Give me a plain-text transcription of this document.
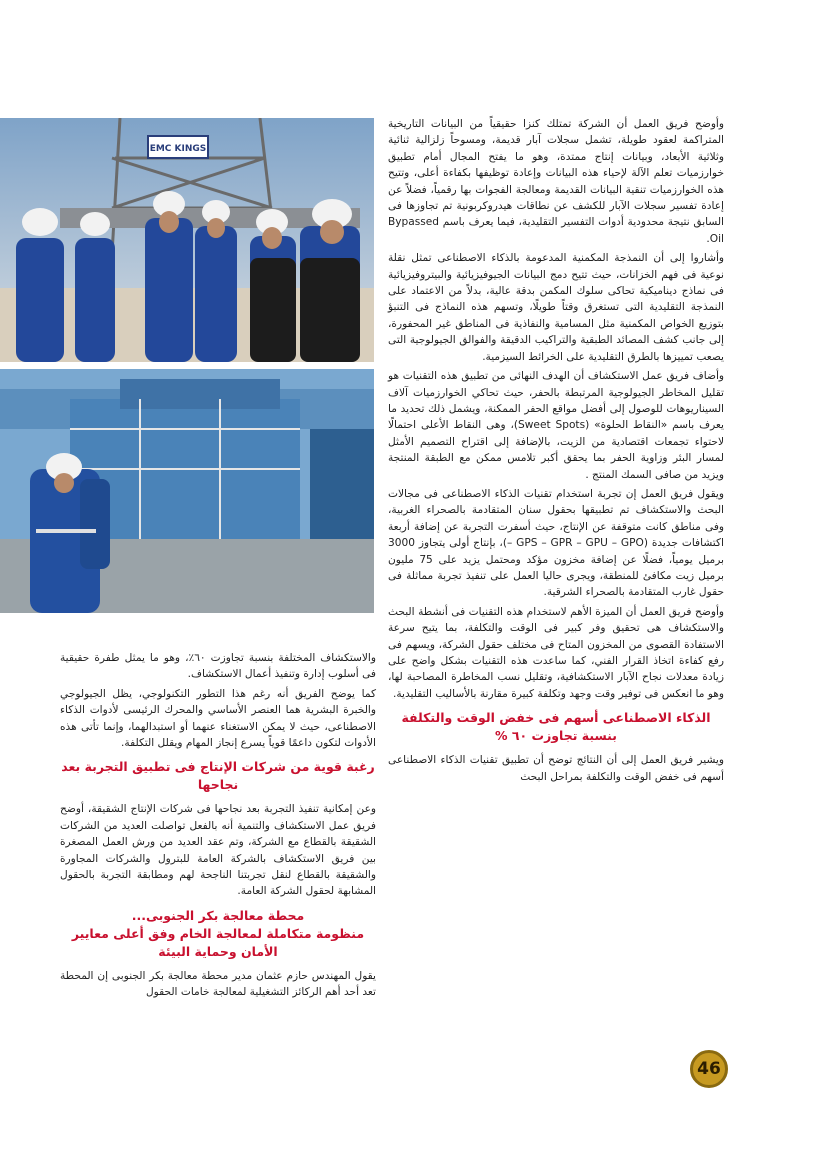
EMC KINGS

وأوضح فريق العمل أن الشركة تمتلك كنزا حقيقياً من البيانات التاريخية المتراكمة لعقود طويلة، تشمل سجلات آبار قديمة، ومسوحاً زلزالية ثنائية وثلاثية الأبعاد، وبيانات إنتاج ممتدة، وهو ما يفتح المجال أمام تطبيق خوارزميات تعلم الآلة لإحياء هذه البيانات وإعادة توظيفها بكفاءة أعلى، وتتيح هذه الخوارزميات تنقية البيانات القديمة ومعالجة الفجوات بها رقمياً، فضلاً عن إعادة تفسير سجلات الآبار للكشف عن نطاقات هيدروكربونية تم تجاوزها فى السابق نتيجة محدودية أدوات التفسير التقليدية، فيما يعرف باسم Bypassed Oil.

وأشاروا إلى أن النمذجة المكمنية المدعومة بالذكاء الاصطناعى تمثل نقلة نوعية فى فهم الخزانات، حيث تتيح دمج البيانات الجيوفيزيائية والبيتروفيزيائية فى نماذج ديناميكية تحاكى سلوك المكمن بدقة عالية، بدلاً من الاعتماد على النمذجة التقليدية التى تستغرق وقتاً طويلًا، وتسهم هذه النماذج فى التنبؤ بتوزيع الخواص المكمنية مثل المسامية والنفاذية فى المناطق غير المحفورة، إلى جانب كشف المصائد الطبقية والتراكيب الدقيقة والفوالق الجيولوجية التى يصعب تمييزها بالطرق التقليدية على الخرائط السيزمية.

وأضاف فريق عمل الاستكشاف أن الهدف النهائى من تطبيق هذه التقنيات هو تقليل المخاطر الجيولوجية المرتبطة بالحفر، حيث تحاكي الخوارزميات آلاف السيناريوهات للوصول إلى أفضل مواقع الحفر الممكنة، ويشمل ذلك تحديد ما يعرف باسم «النقاط الحلوة» (Sweet Spots)، وهى النقاط الأعلى احتمالًا لاحتواء تجمعات اقتصادية من الزيت، بالإضافة إلى اقتراح التصميم الأمثل لمسار البئر وزاوية الحفر بما يحقق أكبر تلامس ممكن مع الطبقة المنتجة ويزيد من صافى السمك المنتج .

ويقول فريق العمل إن تجربة استخدام تقنيات الذكاء الاصطناعى فى مجالات البحث والاستكشاف تم تطبيقها بحقول سنان المتقادمة بالصحراء الغربية، وفى مناطق كانت متوقفة عن الإنتاج، حيث أسفرت التجربة عن إضافة أربعة اكتشافات جديدة (GPS – GPR – GPU – GPO –)، بإنتاج أولى يتجاوز 3000 برميل يومياً، فضلًا عن إضافة مخزون مؤكد ومحتمل يزيد على 75 مليون برميل زيت مكافئ للمنطقة، ويجرى حاليا العمل على تنفيذ تجربة مماثلة فى حقول غارب المتقادمة بالصحراء الشرقية.

وأوضح فريق العمل أن الميزة الأهم لاستخدام هذه التقنيات فى أنشطة البحث والاستكشاف هى تحقيق وفر كبير فى الوقت والتكلفة، بما يتيح سرعة الاستفادة القصوى من المخزون المتاح فى مختلف حقول الشركة، ويسهم فى رفع كفاءة اتخاذ القرار الفني، كما ساعدت هذه التقنيات بشكل واضح على زيادة معدلات نجاح الآبار الاستكشافية، وتقليل نسب المخاطرة المصاحبة لها، وهو ما انعكس فى توفير وقت وجهد وتكلفة كبيرة مقارنة بالأساليب التقليدية.

الذكاء الاصطناعى أسهم فى خفض الوقت والتكلفة بنسبة تجاوزت ٦٠ %

ويشير فريق العمل إلى أن النتائج توضح أن تطبيق تقنيات الذكاء الاصطناعى أسهم فى خفض الوقت والتكلفة بمراحل البحث

والاستكشاف المختلفة بنسبة تجاوزت ٦٠٪، وهو ما يمثل طفرة حقيقية فى أسلوب إدارة وتنفيذ أعمال الاستكشاف.

كما يوضح الفريق أنه رغم هذا التطور التكنولوجي، يظل الجيولوجي والخبرة البشرية هما العنصر الأساسي والمحرك الرئيسى لأدوات الذكاء الاصطناعى، حيث لا يمكن الاستغناء عنهما أو استبدالهما، وإنما تأتى هذه الأدوات لتكون داعمًا قوياً يسرع إنجاز المهام ويقلل التكلفة.

رغبة قوية من شركات الإنتاج فى تطبيق التجربة بعد نجاحها

وعن إمكانية تنفيذ التجربة بعد نجاحها فى شركات الإنتاج الشقيقة، أوضح فريق عمل الاستكشاف والتنمية أنه بالفعل تواصلت العديد من الشركات الشقيقة بالقطاع مع الشركة، وتم عقد العديد من ورش العمل المصغرة بين فريق الاستكشاف بالشركة العامة للبترول والشركات المجاورة والشقيقة بالقطاع لنقل تجربتنا الناجحة لهم ومطابقة التجربة بالحقول المشابهة لحقول الشركة العامة.

محطة معالجة بكر الجنوبى...
منظومة متكاملة لمعالجة الخام وفق أعلى معايير الأمان وحماية البيئة

يقول المهندس حازم عثمان مدير محطة معالجة بكر الجنوبى إن المحطة تعد أحد أهم الركائز التشغيلية لمعالجة خامات الحقول

46
